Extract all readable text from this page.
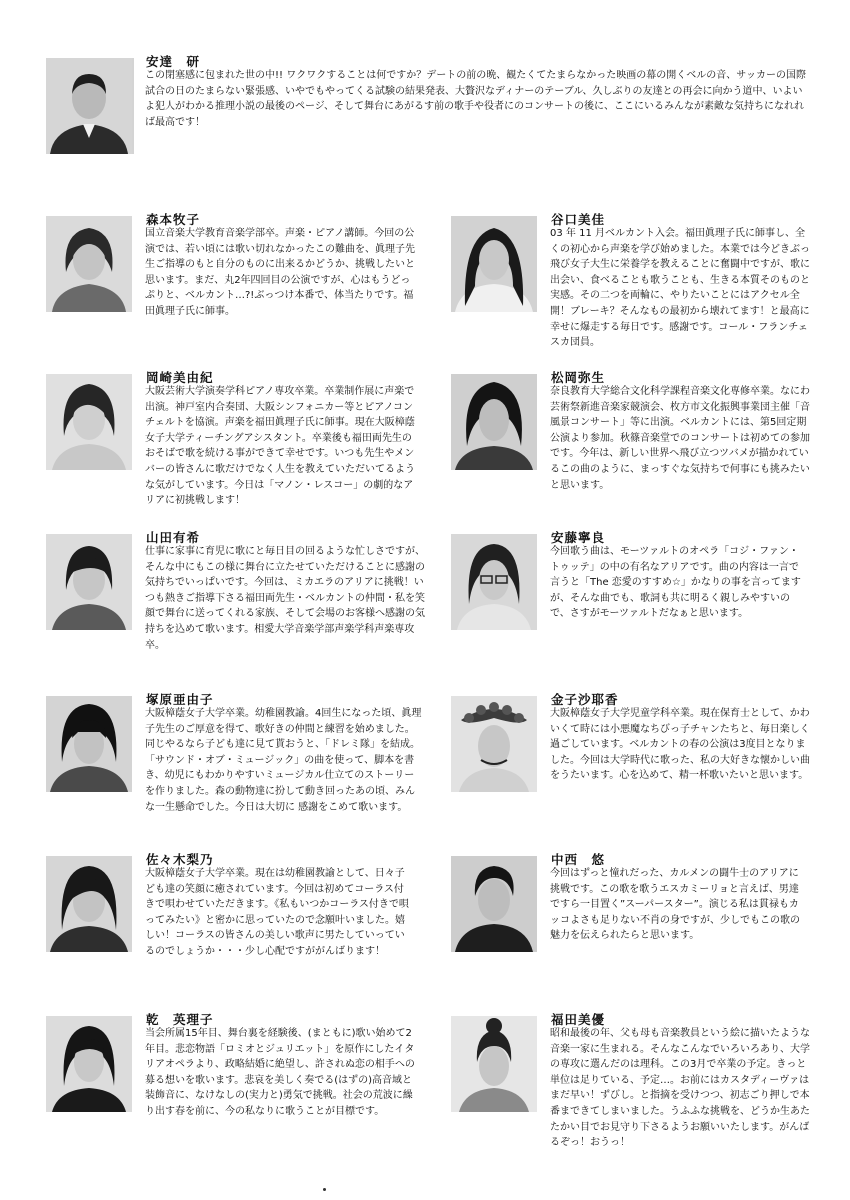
安達　研

この閉塞感に包まれた世の中!! ワクワクすることは何ですか？デートの前の晩、観たくてたまらなかった映画の幕の開くベルの音、サッカーの国際試合の日のたまらない緊張感、いやでもやってくる試験の結果発表、大贅沢なディナーのテーブル、久しぶりの友達との再会に向かう道中、いよいよ犯人がわかる推理小説の最後のページ、そして舞台にあがるす前の歌手や役者にのコンサートの後に、ここにいるみんなが素敵な気持ちになれれば最高です！

森本牧子

国立音楽大学教育音楽学部卒。声楽・ピアノ講師。今回の公演では、若い頃には歌い切れなかったこの難曲を、眞理子先生ご指導のもと自分のものに出来るかどうか、挑戦したいと思います。まだ、丸2年四回目の公演ですが、心はもうどっぷりと、ベルカント…?!ぶっつけ本番で、体当たりです。福田眞理子氏に師事。

谷口美佳

03 年 11 月ベルカント入会。福田眞理子氏に師事し、全くの初心から声楽を学び始めました。本業では今どきぶっ飛び女子大生に栄養学を教えることに奮闘中ですが、歌に出会い、食べることも歌うことも、生きる本質そのものと実感。その二つを両輪に、やりたいことにはアクセル全開！ブレーキ？そんなもの最初から壊れてます！と最高に幸せに爆走する毎日です。感謝です。コール・フランチェスカ団員。

岡崎美由紀

大阪芸術大学演奏学科ピアノ専攻卒業。卒業制作展に声楽で出演。神戸室内合奏団、大阪シンフォニカー等とピアノコンチェルトを協演。声楽を福田眞理子氏に師事。現在大阪樟蔭女子大学ティーチングアシスタント。卒業後も福田両先生のおそばで歌を続ける事ができて幸せです。いつも先生やメンバーの皆さんに歌だけでなく人生を教えていただいてるような気がしています。今日は「マノン・レスコー」の劇的なアリアに初挑戦します！

松岡弥生

奈良教育大学総合文化科学課程音楽文化専修卒業。なにわ芸術祭新進音楽家競演会、枚方市文化振興事業団主催「音風景コンサート」等に出演。ベルカントには、第5回定期公演より参加。秋篠音楽堂でのコンサートは初めての参加です。今年は、新しい世界へ飛び立つツバメが描かれているこの曲のように、まっすぐな気持ちで何事にも挑みたいと思います。

山田有希

仕事に家事に育児に歌にと毎日目の回るような忙しさですが、そんな中にもこの様に舞台に立たせていただけることに感謝の気持ちでいっぱいです。今回は、ミカエラのアリアに挑戦！いつも熱きご指導下さる福田両先生・ベルカントの仲間・私を笑顔で舞台に送ってくれる家族、そして会場のお客様へ感謝の気持ちを込めて歌います。相愛大学音楽学部声楽学科声楽専攻卒。

安藤寧良

今回歌う曲は、モーツァルトのオペラ「コジ・ファン・トゥッテ」の中の有名なアリアです。曲の内容は一言で言うと「The 恋愛のすすめ☆」かなりの事を言ってますが、そんな曲でも、歌詞も共に明るく親しみやすいので、さすがモーツァルトだなぁと思います。

塚原亜由子

大阪樟蔭女子大学卒業。幼稚園教諭。4回生になった頃、眞理子先生のご厚意を得て、歌好きの仲間と練習を始めました。同じやるなら子ども達に見て貰おうと、「ドレミ隊」を結成。「サウンド・オブ・ミュージック」の曲を使って、脚本を書き、幼児にもわかりやすいミュージカル仕立てのストーリーを作りました。森の動物達に扮して動き回ったあの頃、みんな一生懸命でした。今日は大切に 感謝をこめて歌います。

金子沙耶香

大阪樟蔭女子大学児童学科卒業。現在保育士として、かわいくて時には小悪魔なちびっ子チャンたちと、毎日楽しく過ごしています。ベルカントの春の公演は3度目となりました。今回は大学時代に歌った、私の大好きな懐かしい曲をうたいます。心を込めて、精一杯歌いたいと思います。

佐々木梨乃

大阪樟蔭女子大学卒業。現在は幼稚園教諭として、日々子ども達の笑顔に癒されています。今回は初めてコーラス付きで唄わせていただきます。《私もいつかコーラス付きで唄ってみたい》と密かに思っていたので念願叶いました。嬉しい！コーラスの皆さんの美しい歌声に男たしていっているのでしょうか・・・少し心配ですががんばります！

中西　悠

今回はずっと憧れだった、カルメンの闘牛士のアリアに挑戦です。この歌を歌うエスカミーリョと言えば、男達ですら一目置く”スーパースター”。演じる私は貫禄もカッコよさも足りない不肖の身ですが、少しでもこの歌の魅力を伝えられたらと思います。

乾　英理子

当会所属15年目、舞台裏を経験後、(まともに)歌い始めて2年目。悲恋物語「ロミオとジュリエット」を原作にしたイタリアオペラより、政略結婚に絶望し、許されぬ恋の相手への募る想いを歌います。悲哀を美しく奏でる(はずの)高音域と装飾音に、なけなしの(実力と)勇気で挑戦。社会の荒波に繰り出す春を前に、今の私なりに歌うことが目標です。

福田美優

昭和最後の年、父も母も音楽教員という絵に描いたような音楽一家に生まれる。そんなこんなでいろいろあり、大学の専攻に選んだのは理科。この3月で卒業の予定。きっと単位は足りている、予定…。お前にはカスタディーヴァはまだ早い！ずびし。と指摘を受けつつ、初志ごり押しで本番まできてしまいました。うふふな挑戦を、どうか生あたたかい目でお見守り下さるようお願いいたします。がんばるぞっ！おうっ！
